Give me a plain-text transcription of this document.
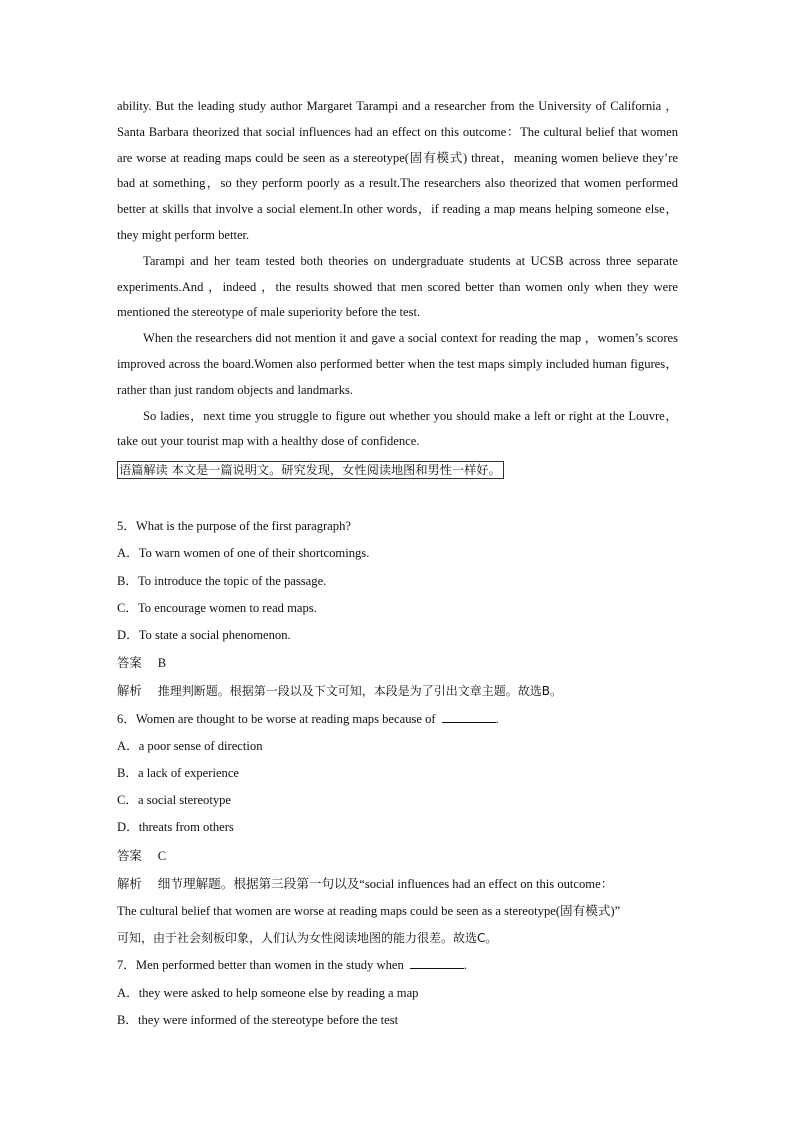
ability. But the leading study author Margaret Tarampi and a researcher from the University of California ，Santa Barbara theorized that social influences had an effect on this outcome：The cultural belief that women are worse at reading maps could be seen as a stereotype(固有模式) threat，meaning women believe they’re bad at something，so they perform poorly as a result.The researchers also theorized that women performed better at skills that involve a social element.In other words，if reading a map means helping someone else，they might perform better.

Tarampi and her team tested both theories on undergraduate students at UCSB across three separate experiments.And ，indeed ，the results showed that men scored better than women only when they were mentioned the stereotype of male superiority before the test.

When the researchers did not mention it and gave a social context for reading the map ，women’s scores improved across the board.Women also performed better when the test maps simply included human figures，rather than just random objects and landmarks.

So ladies，next time you struggle to figure out whether you should make a left or right at the Louvre，take out your tourist map with a healthy dose of confidence.

语篇解读 本文是一篇说明文。研究发现，女性阅读地图和男性一样好。

5．What is the purpose of the first paragraph?

A．To warn women of one of their shortcomings.

B．To introduce the topic of the passage.

C．To encourage women to read maps.

D．To state a social phenomenon.

答案 B

解析 推理判断题。根据第一段以及下文可知，本段是为了引出文章主题。故选B。

6．Women are thought to be worse at reading maps because of	.

A．a poor sense of direction

B．a lack of experience

C．a social stereotype

D．threats from others

答案 C

解析 细节理解题。根据第三段第一句以及“social influences had an effect on this outcome：

The cultural belief that women are worse at reading maps could be seen as a stereotype(固有模式)”

可知，由于社会刻板印象，人们认为女性阅读地图的能力很差。故选C。

7．Men performed better than women in the study when	.

A．they were asked to help someone else by reading a map

B．they were informed of the stereotype before the test
